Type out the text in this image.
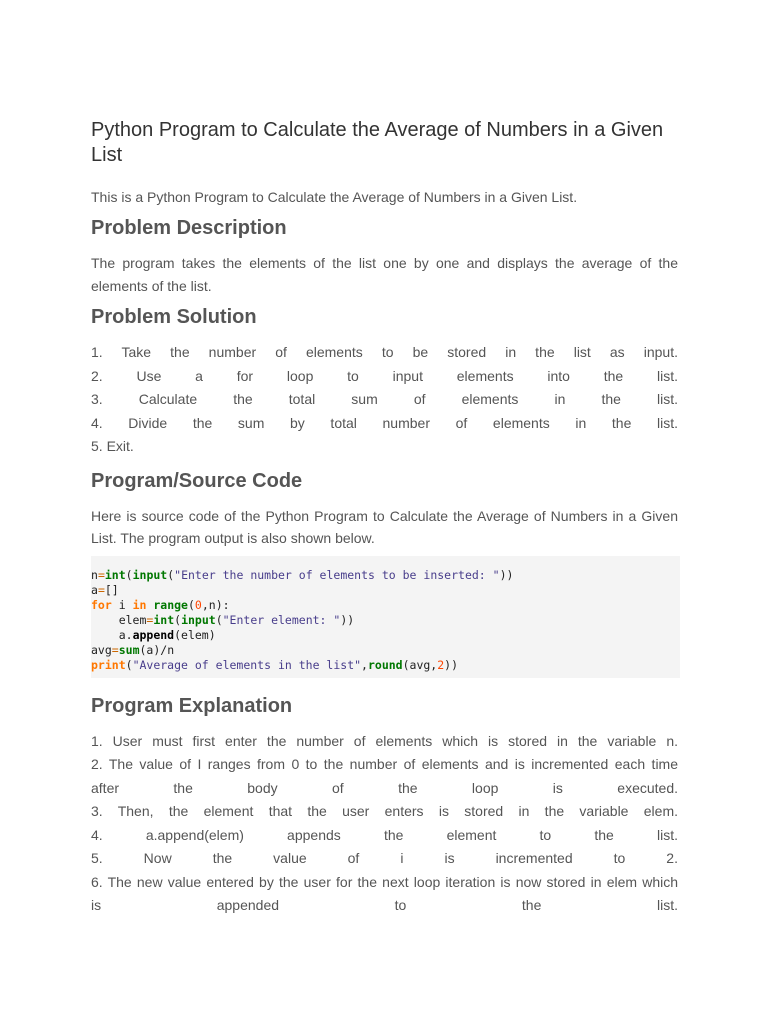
Python Program to Calculate the Average of Numbers in a Given List

This is a Python Program to Calculate the Average of Numbers in a Given List.

Problem Description

The program takes the elements of the list one by one and displays the average of the elements of the list.

Problem Solution
1. Take the number of elements to be stored in the list as input.
2. Use a for loop to input elements into the list.
3. Calculate the total sum of elements in the list.
4. Divide the sum by total number of elements in the list.
5. Exit.
Program/Source Code

Here is source code of the Python Program to Calculate the Average of Numbers in a Given List. The program output is also shown below.

n=int(input("Enter the number of elements to be inserted: "))
a=[]
for i in range(0,n):
elem=int(input("Enter element: "))
a.append(elem)
avg=sum(a)/n
print("Average of elements in the list",round(avg,2))
Program Explanation
1. User must first enter the number of elements which is stored in the variable n.
2. The value of I ranges from 0 to the number of elements and is incremented each time
after the body of the loop is executed.
3. Then, the element that the user enters is stored in the variable elem.
4. a.append(elem) appends the element to the list.
5. Now the value of i is incremented to 2.
6. The new value entered by the user for the next loop iteration is now stored in elem which
is appended to the list.
